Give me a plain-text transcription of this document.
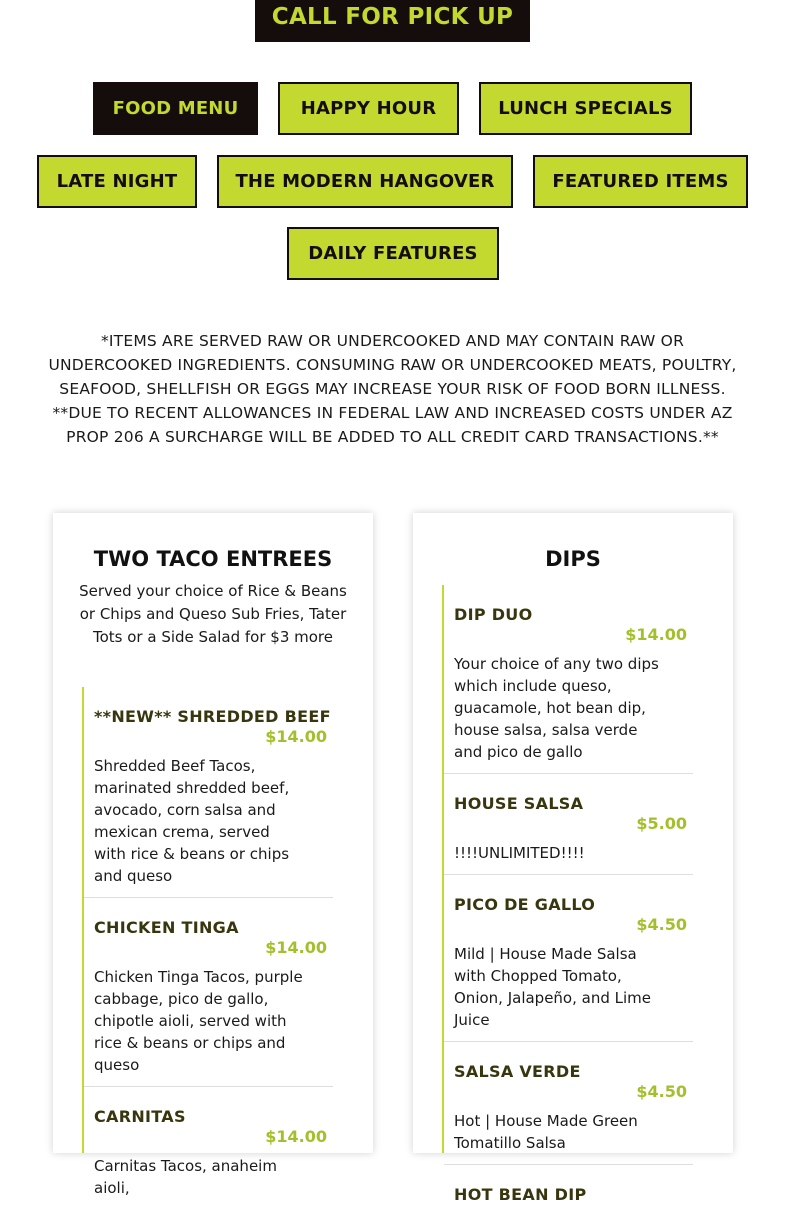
CALL FOR PICK UP
FOOD MENU	HAPPY HOUR	LUNCH SPECIALS
LATE NIGHT	THE MODERN HANGOVER	FEATURED ITEMS
DAILY FEATURES
*ITEMS ARE SERVED RAW OR UNDERCOOKED AND MAY CONTAIN RAW OR UNDERCOOKED INGREDIENTS. CONSUMING RAW OR UNDERCOOKED MEATS, POULTRY, SEAFOOD, SHELLFISH OR EGGS MAY INCREASE YOUR RISK OF FOOD BORN ILLNESS. **DUE TO RECENT ALLOWANCES IN FEDERAL LAW AND INCREASED COSTS UNDER AZ PROP 206 A SURCHARGE WILL BE ADDED TO ALL CREDIT CARD TRANSACTIONS.**
TWO TACO ENTREES
Served your choice of Rice & Beans or Chips and Queso Sub Fries, Tater Tots or a Side Salad for $3 more
**NEW** SHREDDED BEEF
$14.00
Shredded Beef Tacos, marinated shredded beef, avocado, corn salsa and mexican crema, served with rice & beans or chips and queso
CHICKEN TINGA
$14.00
Chicken Tinga Tacos, purple cabbage, pico de gallo, chipotle aioli, served with rice & beans or chips and queso
CARNITAS
$14.00
Carnitas Tacos, anaheim aioli,
DIPS
DIP DUO
$14.00
Your choice of any two dips which include queso, guacamole, hot bean dip, house salsa, salsa verde and pico de gallo
HOUSE SALSA
$5.00
!!!!UNLIMITED!!!!
PICO DE GALLO
$4.50
Mild | House Made Salsa with Chopped Tomato, Onion, Jalapeño, and Lime Juice
SALSA VERDE
$4.50
Hot | House Made Green Tomatillo Salsa
HOT BEAN DIP
